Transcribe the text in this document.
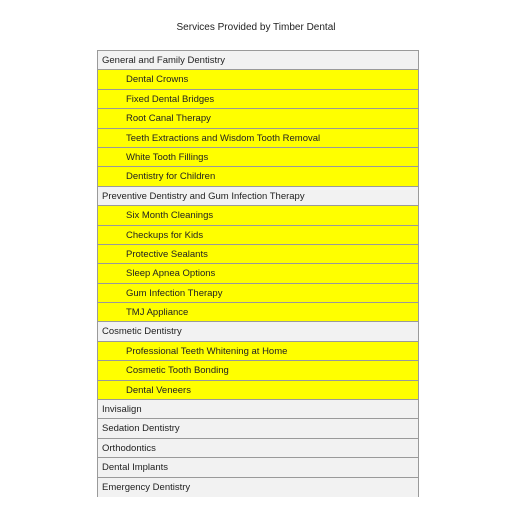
Services Provided by Timber Dental
General and Family Dentistry
Dental Crowns
Fixed Dental Bridges
Root Canal Therapy
Teeth Extractions and Wisdom Tooth Removal
White Tooth Fillings
Dentistry for Children
Preventive Dentistry and Gum Infection Therapy
Six Month Cleanings
Checkups for Kids
Protective Sealants
Sleep Apnea Options
Gum Infection Therapy
TMJ Appliance
Cosmetic Dentistry
Professional Teeth Whitening at Home
Cosmetic Tooth Bonding
Dental Veneers
Invisalign
Sedation Dentistry
Orthodontics
Dental Implants
Emergency Dentistry
